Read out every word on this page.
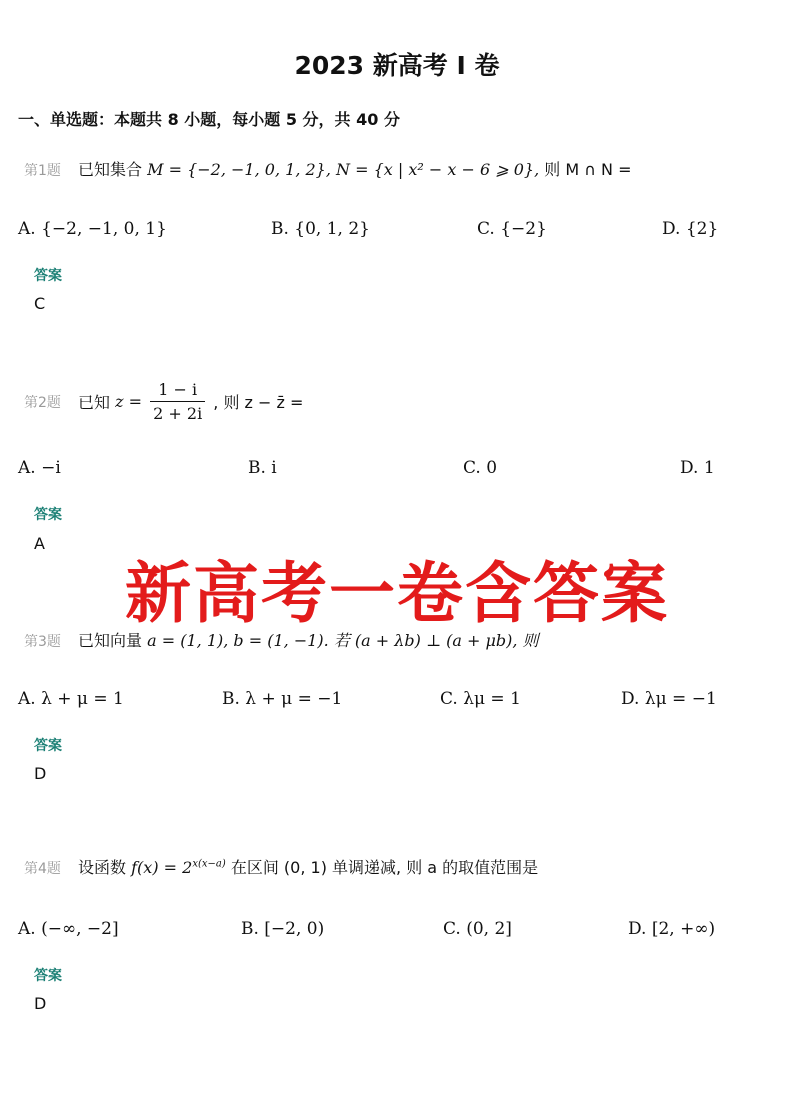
2023 新高考 I 卷
一、单选题：本题共 8 小题，每小题 5 分，共 40 分
第1题 已知集合 M = {−2, −1, 0, 1, 2}, N = {x | x² − x − 6 ⩾ 0}, 则 M ∩ N =
A. {−2, −1, 0, 1}	B. {0, 1, 2}	C. {−2}	D. {2}
答案
C
第2题 已知 $z = \frac{1 - i}{2 + 2i}$ , 则 z − z̄ =
A. −i	B. i	C. 0	D. 1
答案
A
新高考一卷含答案
第3题 已知向量 a = (1, 1), b = (1, −1). 若 (a + λb) ⊥ (a + μb), 则
A. λ + μ = 1	B. λ + μ = −1	C. λμ = 1	D. λμ = −1
答案
D
第4题 设函数 $f(x) = 2^{x(x-a)}$ 在区间 (0, 1) 单调递减, 则 a 的取值范围是
A. (−∞, −2]	B. [−2, 0)	C. (0, 2]	D. [2, +∞)
答案
D
